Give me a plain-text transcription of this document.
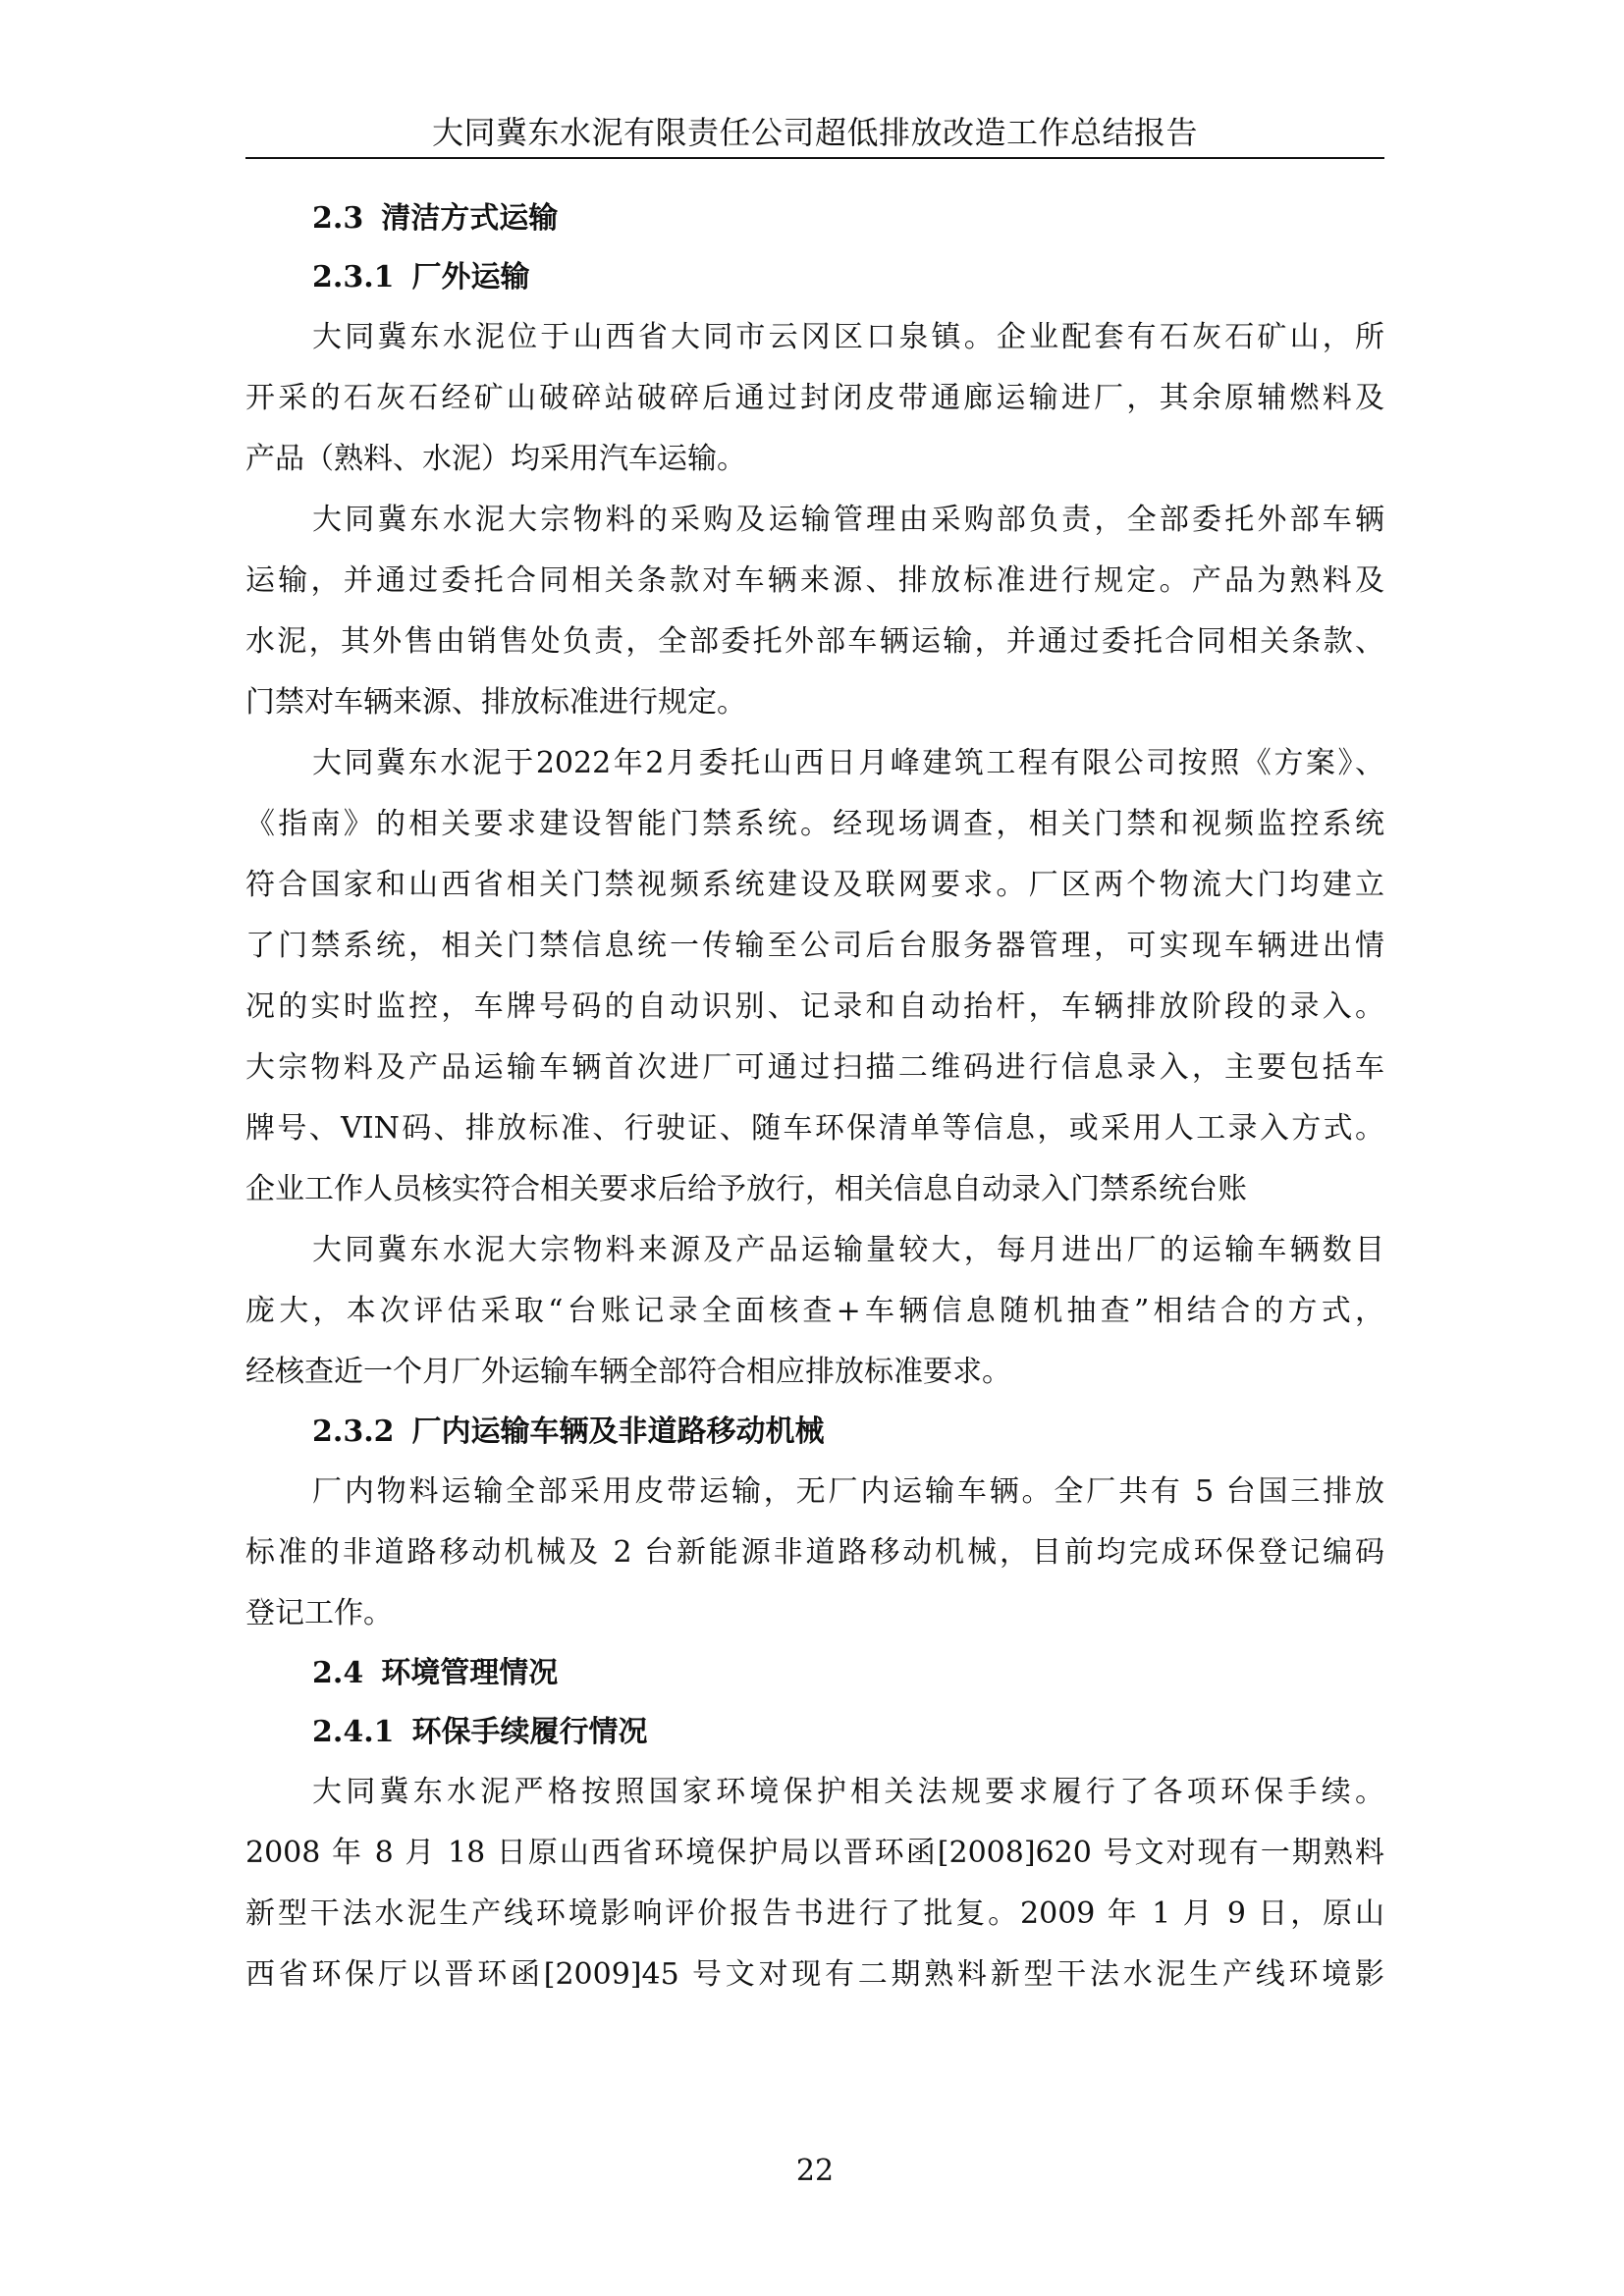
大同冀东水泥有限责任公司超低排放改造工作总结报告
2.3 清洁方式运输
2.3.1 厂外运输
大同冀东水泥位于山西省大同市云冈区口泉镇。企业配套有石灰石矿山，所
开采的石灰石经矿山破碎站破碎后通过封闭皮带通廊运输进厂，其余原辅燃料及
产品（熟料、水泥）均采用汽车运输。
大同冀东水泥大宗物料的采购及运输管理由采购部负责，全部委托外部车辆
运输，并通过委托合同相关条款对车辆来源、排放标准进行规定。产品为熟料及
水泥，其外售由销售处负责，全部委托外部车辆运输，并通过委托合同相关条款、
门禁对车辆来源、排放标准进行规定。
大同冀东水泥于2022年2月委托山西日月峰建筑工程有限公司按照《方案》、
《指南》的相关要求建设智能门禁系统。经现场调查，相关门禁和视频监控系统
符合国家和山西省相关门禁视频系统建设及联网要求。厂区两个物流大门均建立
了门禁系统，相关门禁信息统一传输至公司后台服务器管理，可实现车辆进出情
况的实时监控，车牌号码的自动识别、记录和自动抬杆，车辆排放阶段的录入。
大宗物料及产品运输车辆首次进厂可通过扫描二维码进行信息录入，主要包括车
牌号、VIN码、排放标准、行驶证、随车环保清单等信息，或采用人工录入方式。
企业工作人员核实符合相关要求后给予放行，相关信息自动录入门禁系统台账
大同冀东水泥大宗物料来源及产品运输量较大，每月进出厂的运输车辆数目
庞大，本次评估采取“台账记录全面核查+车辆信息随机抽查”相结合的方式，
经核查近一个月厂外运输车辆全部符合相应排放标准要求。
2.3.2 厂内运输车辆及非道路移动机械
厂内物料运输全部采用皮带运输，无厂内运输车辆。全厂共有 5 台国三排放
标准的非道路移动机械及 2 台新能源非道路移动机械，目前均完成环保登记编码
登记工作。
2.4 环境管理情况
2.4.1 环保手续履行情况
大同冀东水泥严格按照国家环境保护相关法规要求履行了各项环保手续。
2008 年 8 月 18 日原山西省环境保护局以晋环函[2008]620 号文对现有一期熟料
新型干法水泥生产线环境影响评价报告书进行了批复。2009 年 1 月 9 日，原山
西省环保厅以晋环函[2009]45 号文对现有二期熟料新型干法水泥生产线环境影
22
